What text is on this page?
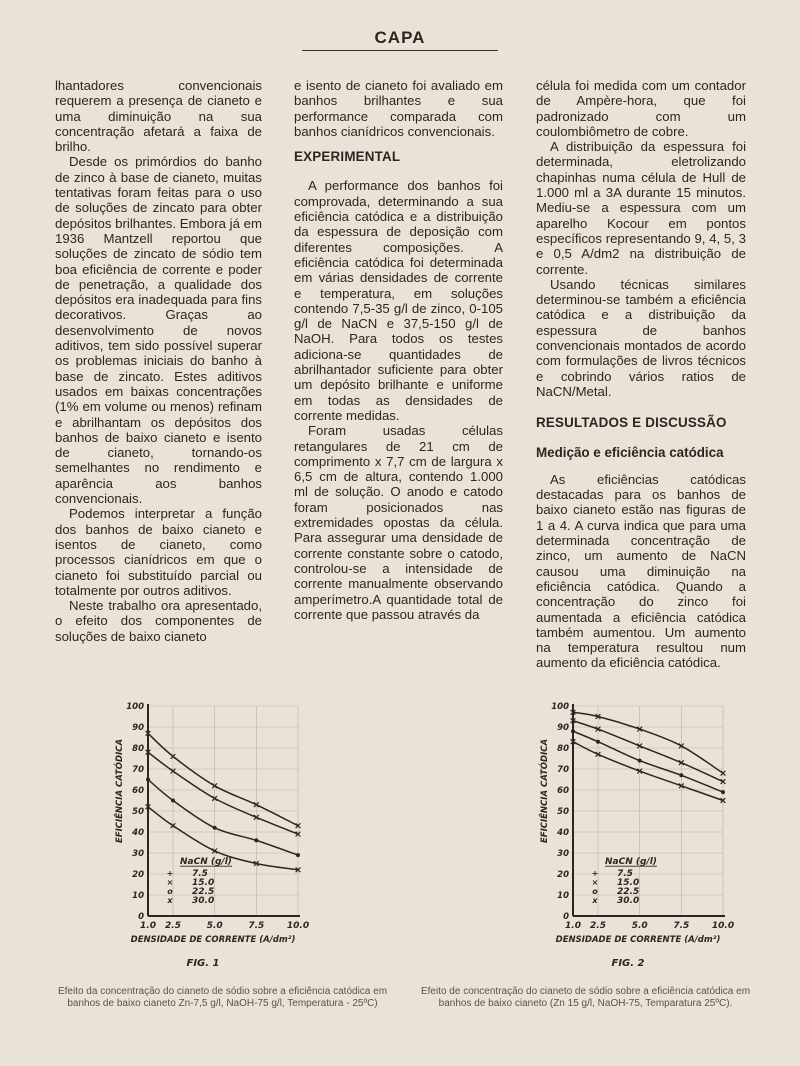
CAPA

lhantadores convencionais requerem a presença de cianeto e uma diminuição na sua concentração afetará a faixa de brilho.

Desde os primórdios do banho de zinco à base de cianeto, muitas tentativas foram feitas para o uso de soluções de zincato para obter depósitos brilhantes. Embora já em 1936 Mantzell reportou que soluções de zincato de sódio tem boa eficiência de corrente e poder de penetração, a qualidade dos depósitos era inadequada para fins decorativos. Graças ao desenvolvimento de novos aditivos, tem sido possível superar os problemas iniciais do banho à base de zincato. Estes aditivos usados em baixas concentrações (1% em volume ou menos) refinam e abrilhantam os depósitos dos banhos de baixo cianeto e isento de cianeto, tornando-os semelhantes no rendimento e aparência aos banhos convencionais.

Podemos interpretar a função dos banhos de baixo cianeto e isentos de cianeto, como processos cianídricos em que o cianeto foi substituído parcial ou totalmente por outros aditivos.

Neste trabalho ora apresentado, o efeito dos componentes de soluções de baixo cianeto

e isento de cianeto foi avaliado em banhos brilhantes e sua performance comparada com banhos cianídricos convencionais.

EXPERIMENTAL

A performance dos banhos foi comprovada, determinando a sua eficiência catódica e a distribuição da espessura de deposição com diferentes composições. A eficiência catódica foi determinada em várias densidades de corrente e temperatura, em soluções contendo 7,5-35 g/l de zinco, 0-105 g/l de NaCN e 37,5-150 g/l de NaOH. Para todos os testes adiciona-se quantidades de abrilhantador suficiente para obter um depósito brilhante e uniforme em todas as densidades de corrente medidas.

Foram usadas células retangulares de 21 cm de comprimento x 7,7 cm de largura x 6,5 cm de altura, contendo 1.000 ml de solução. O anodo e catodo foram posicionados nas extremidades opostas da célula. Para assegurar uma densidade de corrente constante sobre o catodo, controlou-se a intensidade de corrente manualmente observando amperímetro.A quantidade total de corrente que passou através da

célula foi medida com um contador de Ampère-hora, que foi padronizado com um coulombiômetro de cobre.

A distribuição da espessura foi determinada, eletrolizando chapinhas numa célula de Hull de 1.000 ml a 3A durante 15 minutos. Mediu-se a espessura com um aparelho Kocour em pontos específicos representando 9, 4, 5, 3 e 0,5 A/dm2 na distribuição de corrente.

Usando técnicas similares determinou-se também a eficiência catódica e a distribuição da espessura de banhos convencionais montados de acordo com formulações de livros técnicos e cobrindo vários ratios de NaCN/Metal.

RESULTADOS E DISCUSSÃO
Medição e eficiência catódica

As eficiências catódicas destacadas para os banhos de baixo cianeto estão nas figuras de 1 a 4. A curva indica que para uma determinada concentração de zinco, um aumento de NaCN causou uma diminuição na eficiência catódica. Quando a concentração do zinco foi aumentada a eficiência catódica também aumentou. Um aumento na temperatura resultou num aumento da eficiência catódica.

0
10
20
30
40
50
60
70
80
90
100
1.0 2.5	5.0	7.5	10.0
EFICIÊNCIA CATÓDICA
DENSIDADE DE CORRENTE (A/dm²)
FIG. 1
NaCN (g/l)
+ 7.5
× 15.0
o 22.5
x 30.0
0
10
20
30
40
50
60
70
80
90
100
1.0 2.5	5.0	7.5	10.0
EFICIÊNCIA CATÓDICA
DENSIDADE DE CORRENTE (A/dm²)
FIG. 2
NaCN (g/l)
+ 7.5
× 15.0
o 22.5
x 30.0
Efeito da concentração do cianeto de sódio sobre a eficiência catódica em banhos de baixo cianeto Zn-7,5 g/l, NaOH-75 g/l, Temperatura - 25ºC)
Efeito de concentração do cianeto de sódio sobre a eficiência catódica em banhos de baixo cianeto (Zn 15 g/l, NaOH-75, Temparatura 25ºC).
